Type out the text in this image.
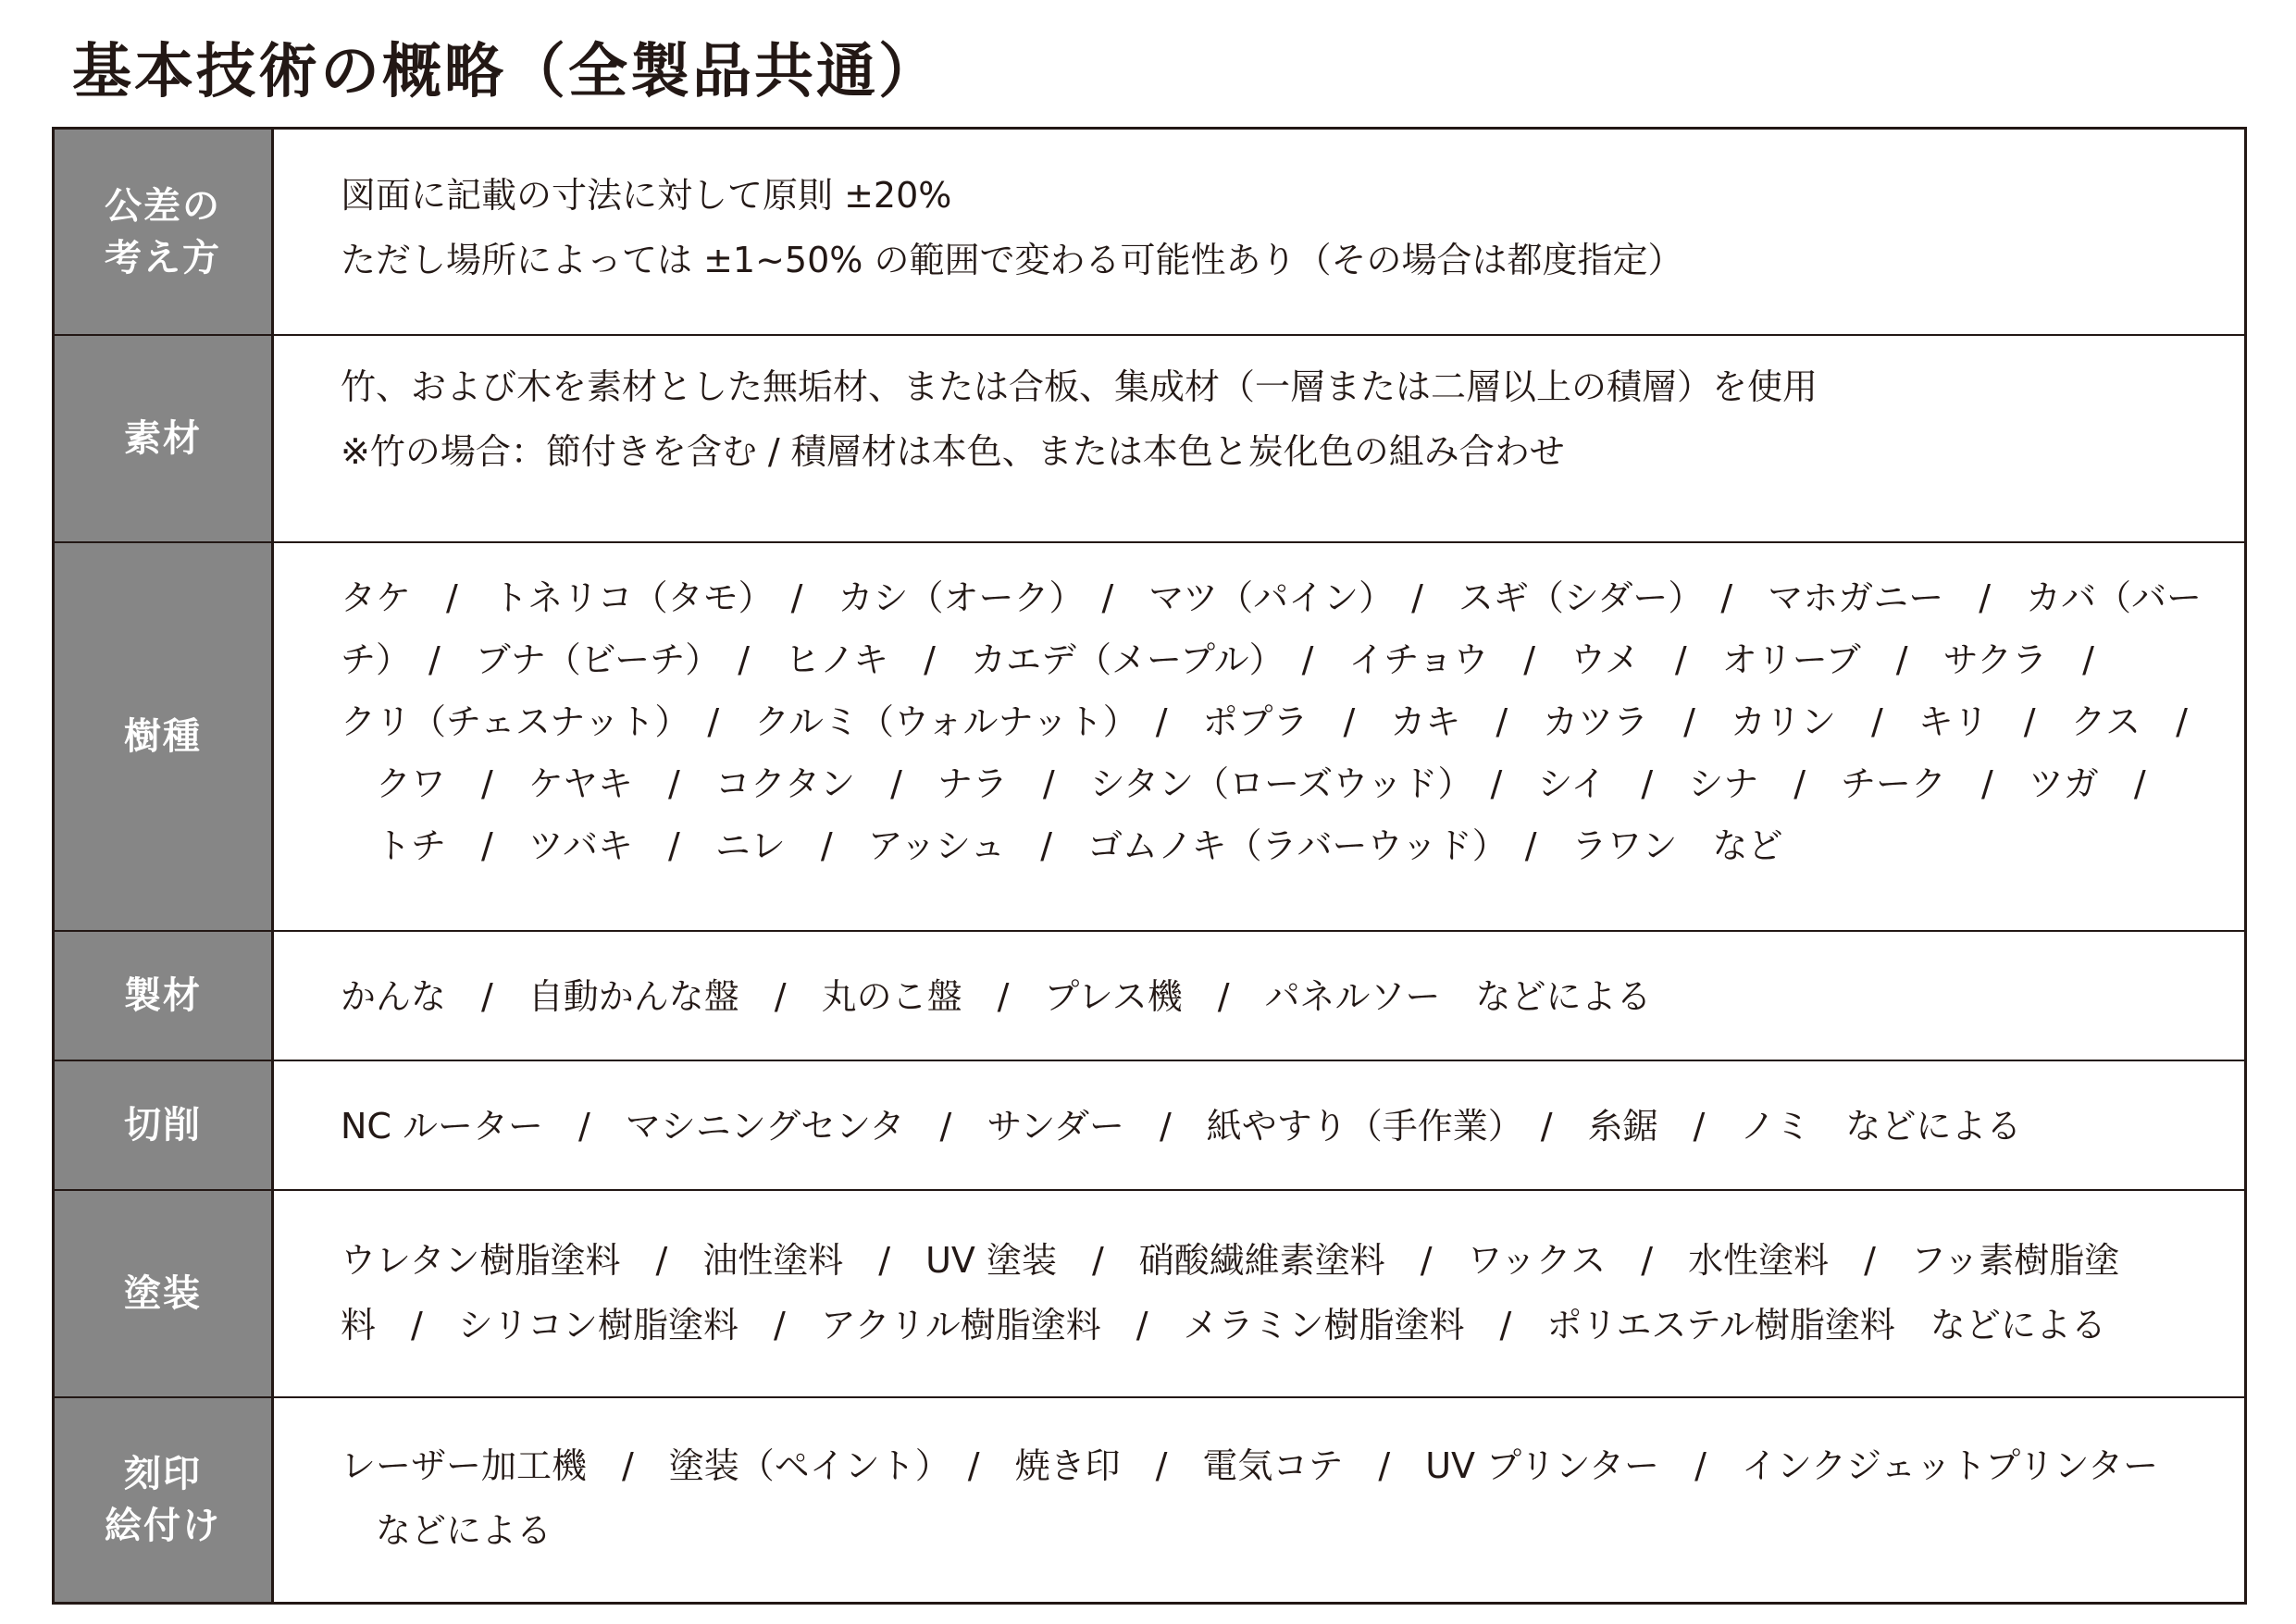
基本技術の概略（全製品共通）
公差の
考え方

図面に記載の寸法に対して原則 ±20%

ただし場所によっては ±1~50% の範囲で変わる可能性あり（その場合は都度指定）

素材

竹、および木を素材とした無垢材、または合板、集成材（一層または二層以上の積層）を使用

※竹の場合：節付きを含む / 積層材は本色、または本色と炭化色の組み合わせ

樹種

タケ　/　トネリコ（タモ）　/　カシ（オーク）　/　マツ（パイン）　/　スギ（シダー）　/　マホガニー　/　カバ（バー

チ）　/　ブナ（ビーチ）　/　ヒノキ　/　カエデ（メープル）　/　イチョウ　/　ウメ　/　オリーブ　/　サクラ　/

クリ（チェスナット）　/　クルミ（ウォルナット）　/　ポプラ　/　カキ　/　カツラ　/　カリン　/　キリ　/　クス　/

　クワ　/　ケヤキ　/　コクタン　/　ナラ　/　シタン（ローズウッド）　/　シイ　/　シナ　/　チーク　/　ツガ　/

　トチ　/　ツバキ　/　ニレ　/　アッシュ　/　ゴムノキ（ラバーウッド）　/　ラワン　など

製材	かんな　/　自動かんな盤　/　丸のこ盤　/　プレス機　/　パネルソー　などによる

切削	NC ルーター　/　マシニングセンタ　/　サンダー　/　紙やすり（手作業）　/　糸鋸　/　ノミ　などによる

塗装

ウレタン樹脂塗料　/　油性塗料　/　UV 塗装　/　硝酸繊維素塗料　/　ワックス　/　水性塗料　/　フッ素樹脂塗

料　/　シリコン樹脂塗料　/　アクリル樹脂塗料　/　メラミン樹脂塗料　/　ポリエステル樹脂塗料　などによる

刻印
絵付け

レーザー加工機　/　塗装（ペイント）　/　焼き印　/　電気コテ　/　UV プリンター　/　インクジェットプリンター

　などによる
